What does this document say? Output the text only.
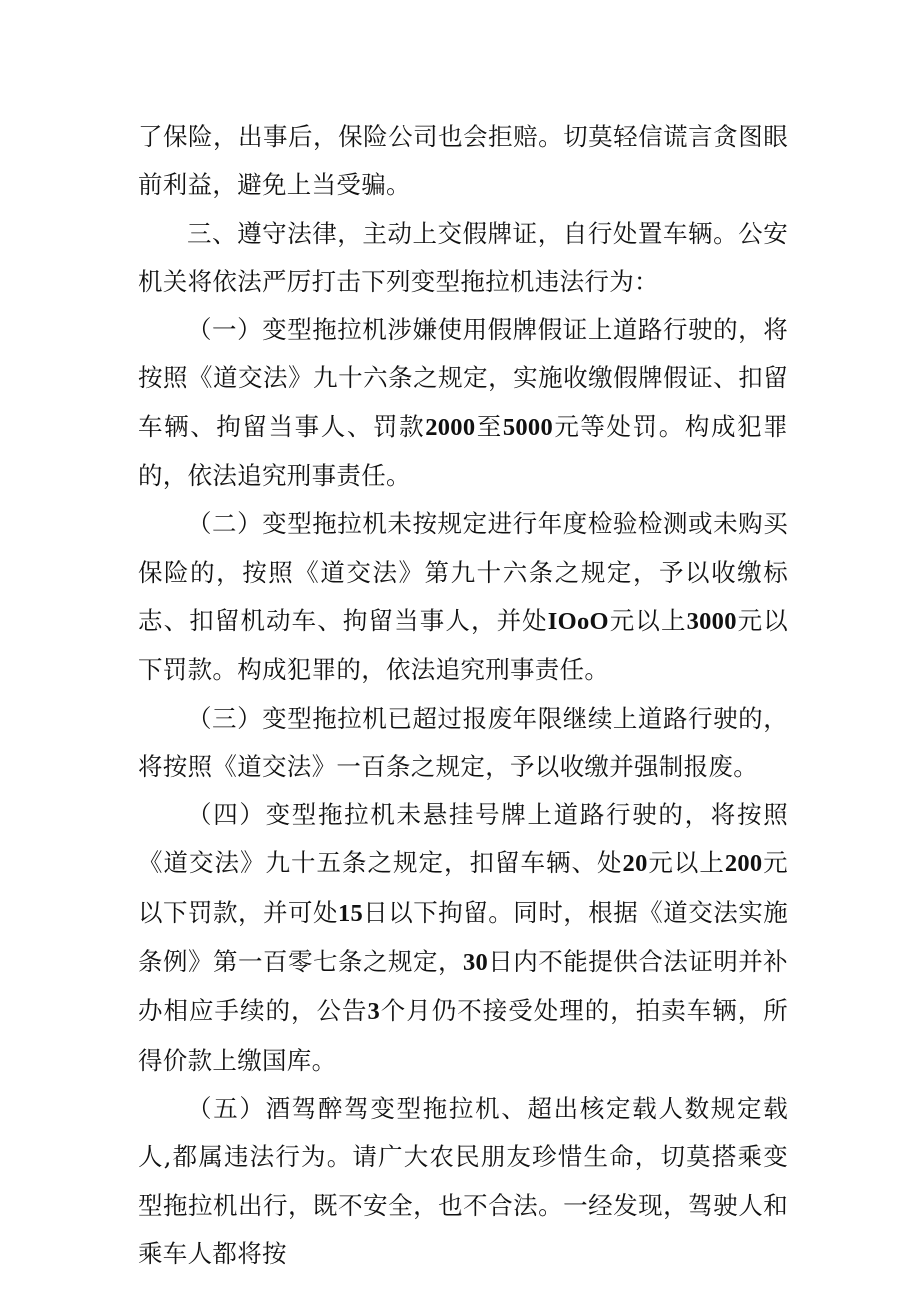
了保险，出事后，保险公司也会拒赔。切莫轻信谎言贪图眼前利益，避免上当受骗。

三、遵守法律，主动上交假牌证，自行处置车辆。公安机关将依法严厉打击下列变型拖拉机违法行为：

（一）变型拖拉机涉嫌使用假牌假证上道路行驶的，将按照《道交法》九十六条之规定，实施收缴假牌假证、扣留车辆、拘留当事人、罚款2000至5000元等处罚。构成犯罪的，依法追究刑事责任。

（二）变型拖拉机未按规定进行年度检验检测或未购买保险的，按照《道交法》第九十六条之规定，予以收缴标志、扣留机动车、拘留当事人，并处IOoO元以上3000元以下罚款。构成犯罪的，依法追究刑事责任。

（三）变型拖拉机已超过报废年限继续上道路行驶的，将按照《道交法》一百条之规定，予以收缴并强制报废。

（四）变型拖拉机未悬挂号牌上道路行驶的，将按照《道交法》九十五条之规定，扣留车辆、处20元以上200元以下罚款，并可处15日以下拘留。同时，根据《道交法实施条例》第一百零七条之规定，30日内不能提供合法证明并补办相应手续的，公告3个月仍不接受处理的，拍卖车辆，所得价款上缴国库。

（五）酒驾醉驾变型拖拉机、超出核定载人数规定载人,都属违法行为。请广大农民朋友珍惜生命，切莫搭乘变型拖拉机出行，既不安全，也不合法。一经发现，驾驶人和乘车人都将按
